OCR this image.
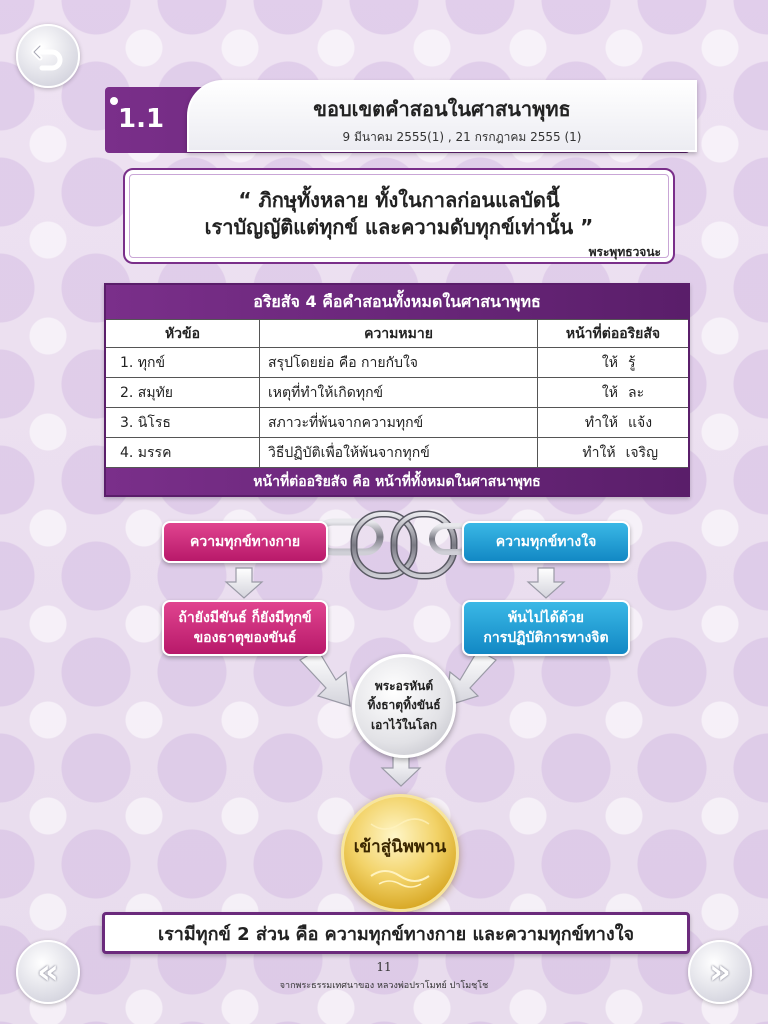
«	»
1.1	ขอบเขตคำสอนในศาสนาพุทธ
9 มีนาคม 2555(1) , 21 กรกฎาคม 2555 (1)
“ ภิกษุทั้งหลาย ทั้งในกาลก่อนแลบัดนี้
เราบัญญัติแต่ทุกข์ และความดับทุกข์เท่านั้น ”
พระพุทธวจนะ
อริยสัจ 4 คือคำสอนทั้งหมดในศาสนาพุทธ
หัวข้อ	ความหมาย	หน้าที่ต่ออริยสัจ
1. ทุกข์	สรุปโดยย่อ คือ กายกับใจ	ให้ รู้
2. สมุทัย	เหตุที่ทำให้เกิดทุกข์	ให้ ละ
3. นิโรธ	สภาวะที่พ้นจากความทุกข์	ทำให้ แจ้ง
4. มรรค	วิธีปฏิบัติเพื่อให้พ้นจากทุกข์	ทำให้ เจริญ
หน้าที่ต่ออริยสัจ คือ หน้าที่ทั้งหมดในศาสนาพุทธ
ความทุกข์ทางกาย	ความทุกข์ทางใจ
ถ้ายังมีขันธ์ ก็ยังมีทุกข์
ของธาตุของขันธ์
พ้นไปได้ด้วย
การปฏิบัติการทางจิต
พระอรหันต์
ทิ้งธาตุทิ้งขันธ์
เอาไว้ในโลก
เข้าสู่นิพพาน
เรามีทุกข์ 2 ส่วน คือ ความทุกข์ทางกาย และความทุกข์ทางใจ
11
จากพระธรรมเทศนาของ หลวงพ่อปราโมทย์ ปาโมชฺโช
